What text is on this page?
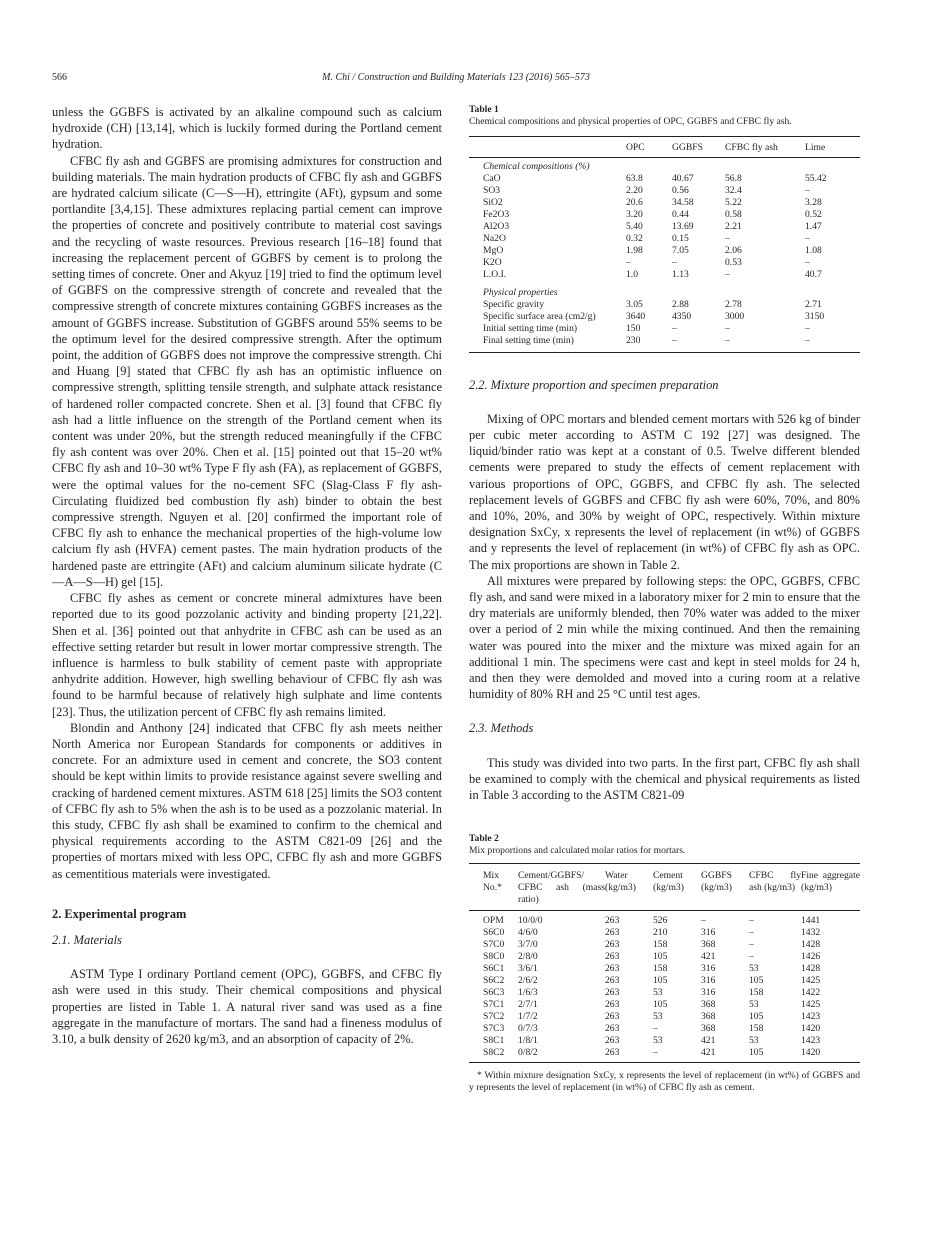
566	M. Chi / Construction and Building Materials 123 (2016) 565–573

unless the GGBFS is activated by an alkaline compound such as calcium hydroxide (CH) [13,14], which is luckily formed during the Portland cement hydration.

CFBC fly ash and GGBFS are promising admixtures for construction and building materials. The main hydration products of CFBC fly ash and GGBFS are hydrated calcium silicate (C—S—H), ettringite (AFt), gypsum and some portlandite [3,4,15]. These admixtures replacing partial cement can improve the properties of concrete and positively contribute to material cost savings and the recycling of waste resources. Previous research [16–18] found that increasing the replacement percent of GGBFS by cement is to prolong the setting times of concrete. Oner and Akyuz [19] tried to find the optimum level of GGBFS on the compressive strength of concrete and revealed that the compressive strength of concrete mixtures containing GGBFS increases as the amount of GGBFS increase. Substitution of GGBFS around 55% seems to be the optimum level for the desired compressive strength. After the optimum point, the addition of GGBFS does not improve the compressive strength. Chi and Huang [9] stated that CFBC fly ash has an optimistic influence on compressive strength, splitting tensile strength, and sulphate attack resistance of hardened roller compacted concrete. Shen et al. [3] found that CFBC fly ash had a little influence on the strength of the Portland cement when its content was under 20%, but the strength reduced meaningfully if the CFBC fly ash content was over 20%. Chen et al. [15] pointed out that 15–20 wt% CFBC fly ash and 10–30 wt% Type F fly ash (FA), as replacement of GGBFS, were the optimal values for the no-cement SFC (Slag-Class F fly ash-Circulating fluidized bed combustion fly ash) binder to obtain the best compressive strength. Nguyen et al. [20] confirmed the important role of CFBC fly ash to enhance the mechanical properties of the high-volume low calcium fly ash (HVFA) cement pastes. The main hydration products of the hardened paste are ettringite (AFt) and calcium aluminum silicate hydrate (C—A—S—H) gel [15].

CFBC fly ashes as cement or concrete mineral admixtures have been reported due to its good pozzolanic activity and binding property [21,22]. Shen et al. [36] pointed out that anhydrite in CFBC ash can be used as an effective setting retarder but result in lower mortar compressive strength. The influence is harmless to bulk stability of cement paste with appropriate anhydrite addition. However, high swelling behaviour of CFBC fly ash was found to be harmful because of relatively high sulphate and lime contents [23]. Thus, the utilization percent of CFBC fly ash remains limited.

Blondin and Anthony [24] indicated that CFBC fly ash meets neither North America nor European Standards for components or additives in concrete. For an admixture used in cement and concrete, the SO3 content should be kept within limits to provide resistance against severe swelling and cracking of hardened cement mixtures. ASTM 618 [25] limits the SO3 content of CFBC fly ash to 5% when the ash is to be used as a pozzolanic material. In this study, CFBC fly ash shall be examined to confirm to the chemical and physical requirements according to the ASTM C821-09 [26] and the properties of mortars mixed with less OPC, CFBC fly ash and more GGBFS as cementitious materials were investigated.

2. Experimental program

2.1. Materials

ASTM Type I ordinary Portland cement (OPC), GGBFS, and CFBC fly ash were used in this study. Their chemical compositions and physical properties are listed in Table 1. A natural river sand was used as a fine aggregate in the manufacture of mortars. The sand had a fineness modulus of 3.10, a bulk density of 2620 kg/m3, and an absorption of capacity of 2%.

Table 1
Chemical compositions and physical properties of OPC, GGBFS and CFBC fly ash.
	OPC	GGBFS	CFBC fly ash	Lime
Chemical compositions (%)				
CaO	63.8	40.67	56.8	55.42
SO3	2.20	0.56	32.4	–
SiO2	20.6	34.58	5.22	3.28
Fe2O3	3.20	0.44	0.58	0.52
Al2O3	5.40	13.69	2.21	1.47
Na2O	0.32	0.15	–	–
MgO	1.98	7.05	2.06	1.08
K2O	–	–	0.53	–
L.O.I.	1.0	1.13	–	40.7
Physical properties				
Specific gravity	3.05	2.88	2.78	2.71
Specific surface area (cm2/g)	3640	4350	3000	3150
Initial setting time (min)	150	–	–	–
Final setting time (min)	230	–	–	–

2.2. Mixture proportion and specimen preparation

Mixing of OPC mortars and blended cement mortars with 526 kg of binder per cubic meter according to ASTM C 192 [27] was designed. The liquid/binder ratio was kept at a constant of 0.5. Twelve different blended cements were prepared to study the effects of cement replacement with various proportions of OPC, GGBFS, and CFBC fly ash. The selected replacement levels of GGBFS and CFBC fly ash were 60%, 70%, and 80% and 10%, 20%, and 30% by weight of OPC, respectively. Within mixture designation SxCy, x represents the level of replacement (in wt%) of GGBFS and y represents the level of replacement (in wt%) of CFBC fly ash as OPC. The mix proportions are shown in Table 2.

All mixtures were prepared by following steps: the OPC, GGBFS, CFBC fly ash, and sand were mixed in a laboratory mixer for 2 min to ensure that the dry materials are uniformly blended, then 70% water was added to the mixer over a period of 2 min while the mixing continued. And then the remaining water was poured into the mixer and the mixture was mixed again for an additional 1 min. The specimens were cast and kept in steel molds for 24 h, and then they were demolded and moved into a curing room at a relative humidity of 80% RH and 25 °C until test ages.

2.3. Methods

This study was divided into two parts. In the first part, CFBC fly ash shall be examined to comply with the chemical and physical requirements as listed in Table 3 according to the ASTM C821-09

Table 2
Mix proportions and calculated molar ratios for mortars.
Mix No.*	Cement/GGBFS/ CFBC ash (mass ratio)	Water (kg/m3)	Cement (kg/m3)	GGBFS (kg/m3)	CFBC fly ash (kg/m3)	Fine aggregate (kg/m3)
OPM	10/0/0	263	526	–	–	1441
S6C0	4/6/0	263	210	316	–	1432
S7C0	3/7/0	263	158	368	–	1428
S8C0	2/8/0	263	105	421	–	1426
S6C1	3/6/1	263	158	316	53	1428
S6C2	2/6/2	263	105	316	105	1425
S6C3	1/6/3	263	53	316	158	1422
S7C1	2/7/1	263	105	368	53	1425
S7C2	1/7/2	263	53	368	105	1423
S7C3	0/7/3	263	–	368	158	1420
S8C1	1/8/1	263	53	421	53	1423
S8C2	0/8/2	263	–	421	105	1420

* Within mixture designation SxCy, x represents the level of replacement (in wt%) of GGBFS and y represents the level of replacement (in wt%) of CFBC fly ash as cement.
